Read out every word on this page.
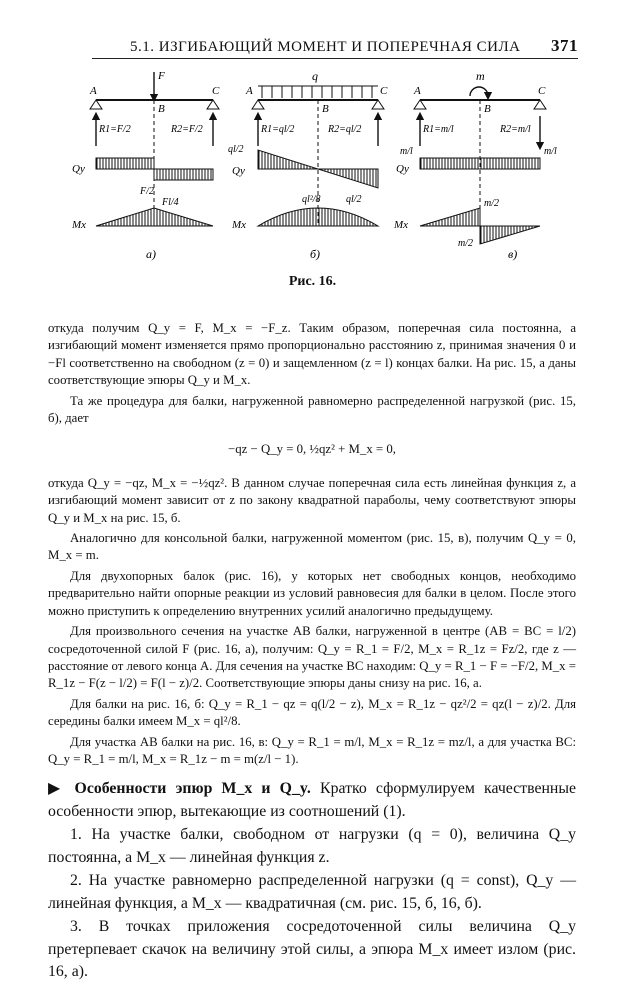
5.1. ИЗГИБАЮЩИЙ МОМЕНТ И ПОПЕРЕЧНАЯ СИЛА 371
F
A
B
C
R1=F/2	R2=F/2
Qy
F/2
Fl/4
Mx
а)
q
A
B
C
R1=ql/2	R2=ql/2
ql/2
Qy
ql²/8	ql/2
Mx
б)
m
A
B
C
R1=m/l	R2=m/l
m/l	m/l
Qy
Mx
m/2
m/2
в)
Рис. 16.

откуда получим Q_y = F, M_x = −F_z. Таким образом, поперечная сила постоянна, а изгибающий момент изменяется прямо пропорционально расстоянию z, принимая значения 0 и −Fl соответственно на свободном (z = 0) и защемленном (z = l) концах балки. На рис. 15, а даны соответствующие эпюры Q_y и M_x.

Та же процедура для балки, нагруженной равномерно распределенной нагрузкой (рис. 15, б), дает

−qz − Q_y = 0, ½qz² + M_x = 0,

откуда Q_y = −qz, M_x = −½qz². В данном случае поперечная сила есть линейная функция z, а изгибающий момент зависит от z по закону квадратной параболы, чему соответствуют эпюры Q_y и M_x на рис. 15, б.

Аналогично для консольной балки, нагруженной моментом (рис. 15, в), получим Q_y = 0, M_x = m.

Для двухопорных балок (рис. 16), у которых нет свободных концов, необходимо предварительно найти опорные реакции из условий равновесия для балки в целом. После этого можно приступить к определению внутренних усилий аналогично предыдущему.

Для произвольного сечения на участке AB балки, нагруженной в центре (AB = BC = l/2) сосредоточенной силой F (рис. 16, а), получим: Q_y = R_1 = F/2, M_x = R_1z = Fz/2, где z — расстояние от левого конца A. Для сечения на участке BC находим: Q_y = R_1 − F = −F/2, M_x = R_1z − F(z − l/2) = F(l − z)/2. Соответствующие эпюры даны снизу на рис. 16, а.

Для балки на рис. 16, б: Q_y = R_1 − qz = q(l/2 − z), M_x = R_1z − qz²/2 = qz(l − z)/2. Для середины балки имеем M_x = ql²/8.

Для участка AB балки на рис. 16, в: Q_y = R_1 = m/l, M_x = R_1z = mz/l, а для участка BC: Q_y = R_1 = m/l, M_x = R_1z − m = m(z/l − 1).

▶ Особенности эпюр M_x и Q_y. Кратко сформулируем качественные особенности эпюр, вытекающие из соотношений (1).

1. На участке балки, свободном от нагрузки (q = 0), величина Q_y постоянна, а M_x — линейная функция z.

2. На участке равномерно распределенной нагрузки (q = const), Q_y — линейная функция, а M_x — квадратичная (см. рис. 15, б, 16, б).

3. В точках приложения сосредоточенной силы величина Q_y претерпевает скачок на величину этой силы, а эпюра M_x имеет излом (рис. 16, а).
